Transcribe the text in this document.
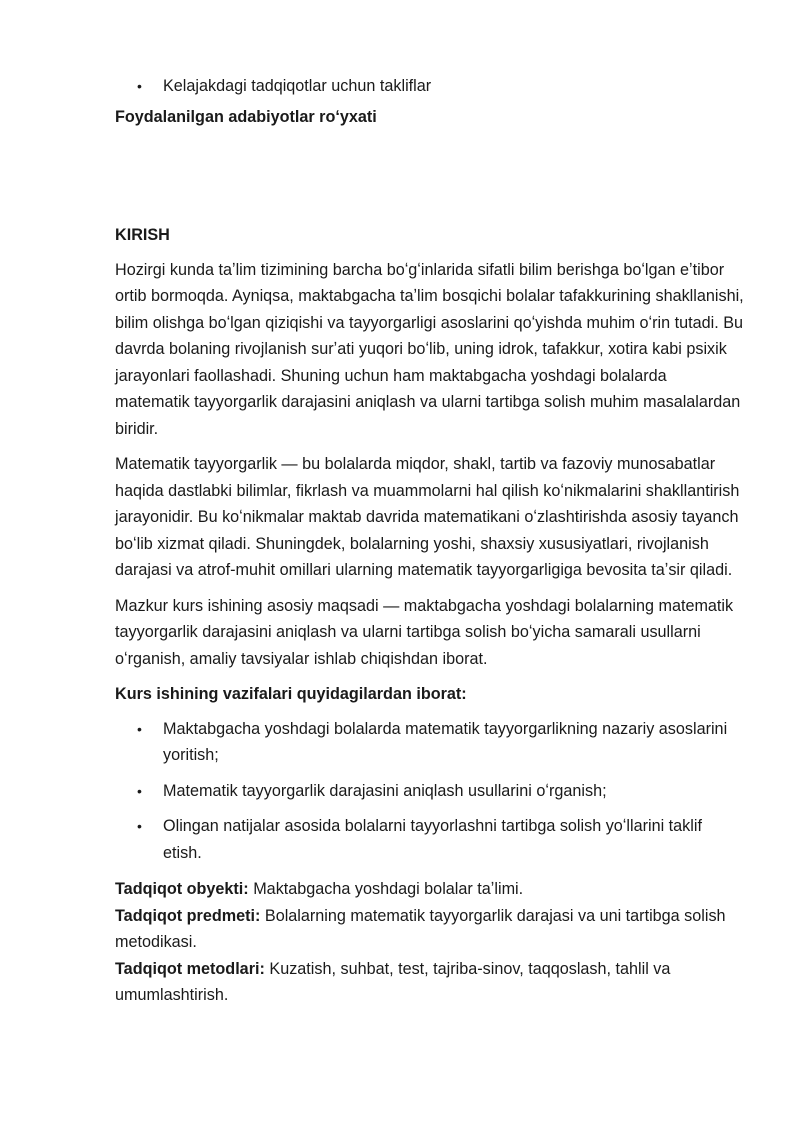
• Kelajakdagi tadqiqotlar uchun takliflar

Foydalanilgan adabiyotlar roʻyxati

KIRISH

Hozirgi kunda taʼlim tizimining barcha boʻgʻinlarida sifatli bilim berishga boʻlgan eʼtibor ortib bormoqda. Ayniqsa, maktabgacha taʼlim bosqichi bolalar tafakkurining shakllanishi, bilim olishga boʻlgan qiziqishi va tayyorgarligi asoslarini qoʻyishda muhim oʻrin tutadi. Bu davrda bolaning rivojlanish surʼati yuqori boʻlib, uning idrok, tafakkur, xotira kabi psixik jarayonlari faollashadi. Shuning uchun ham maktabgacha yoshdagi bolalarda matematik tayyorgarlik darajasini aniqlash va ularni tartibga solish muhim masalalardan biridir.

Matematik tayyorgarlik — bu bolalarda miqdor, shakl, tartib va fazoviy munosabatlar haqida dastlabki bilimlar, fikrlash va muammolarni hal qilish koʻnikmalarini shakllantirish jarayonidir. Bu koʻnikmalar maktab davrida matematikani oʻzlashtirishda asosiy tayanch boʻlib xizmat qiladi. Shuningdek, bolalarning yoshi, shaxsiy xususiyatlari, rivojlanish darajasi va atrof-muhit omillari ularning matematik tayyorgarligiga bevosita taʼsir qiladi.

Mazkur kurs ishining asosiy maqsadi — maktabgacha yoshdagi bolalarning matematik tayyorgarlik darajasini aniqlash va ularni tartibga solish boʻyicha samarali usullarni oʻrganish, amaliy tavsiyalar ishlab chiqishdan iborat.

Kurs ishining vazifalari quyidagilardan iborat:

• Maktabgacha yoshdagi bolalarda matematik tayyorgarlikning nazariy asoslarini yoritish;
• Matematik tayyorgarlik darajasini aniqlash usullarini oʻrganish;
• Olingan natijalar asosida bolalarni tayyorlashni tartibga solish yoʻllarini taklif etish.

Tadqiqot obyekti: Maktabgacha yoshdagi bolalar taʼlimi.

Tadqiqot predmeti: Bolalarning matematik tayyorgarlik darajasi va uni tartibga solish metodikasi.

Tadqiqot metodlari: Kuzatish, suhbat, test, tajriba-sinov, taqqoslash, tahlil va umumlashtirish.
